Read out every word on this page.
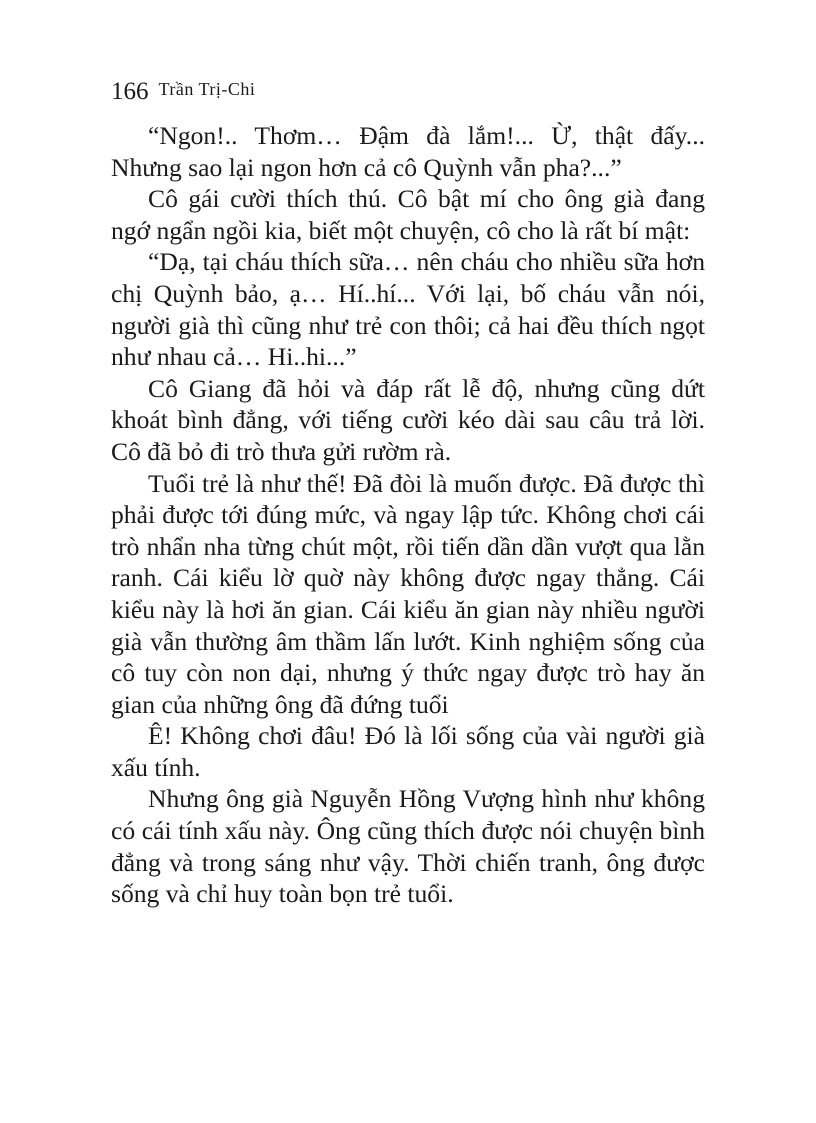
166 Trần Trị-Chi

“Ngon!.. Thơm… Đậm đà lắm!... Ừ, thật đấy... Nhưng sao lại ngon hơn cả cô Quỳnh vẫn pha?...”

Cô gái cười thích thú. Cô bật mí cho ông già đang ngớ ngẩn ngồi kia, biết một chuyện, cô cho là rất bí mật:

“Dạ, tại cháu thích sữa… nên cháu cho nhiều sữa hơn chị Quỳnh bảo, ạ… Hí..hí... Với lại, bố cháu vẫn nói, người già thì cũng như trẻ con thôi; cả hai đều thích ngọt như nhau cả… Hi..hi...”

Cô Giang đã hỏi và đáp rất lễ độ, nhưng cũng dứt khoát bình đẳng, với tiếng cười kéo dài sau câu trả lời. Cô đã bỏ đi trò thưa gửi rườm rà.

Tuổi trẻ là như thế! Đã đòi là muốn được. Đã được thì phải được tới đúng mức, và ngay lập tức. Không chơi cái trò nhẩn nha từng chút một, rồi tiến dần dần vượt qua lằn ranh. Cái kiểu lờ quờ này không được ngay thẳng. Cái kiểu này là hơi ăn gian. Cái kiểu ăn gian này nhiều người già vẫn thường âm thầm lấn lướt. Kinh nghiệm sống của cô tuy còn non dại, nhưng ý thức ngay được trò hay ăn gian của những ông đã đứng tuổi

Ê! Không chơi đâu! Đó là lối sống của vài người già xấu tính.

Nhưng ông già Nguyễn Hồng Vượng hình như không có cái tính xấu này. Ông cũng thích được nói chuyện bình đẳng và trong sáng như vậy. Thời chiến tranh, ông được sống và chỉ huy toàn bọn trẻ tuổi.
